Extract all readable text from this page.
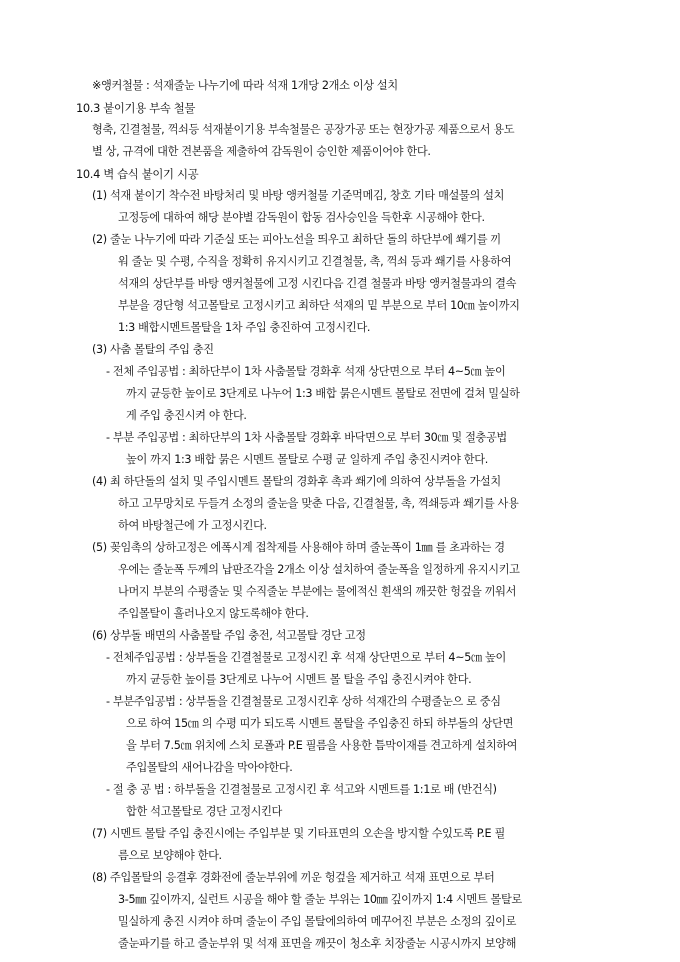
※앵커철물 : 석재줄눈 나누기에 따라 석재 1개당 2개소 이상 설치
10.3 붙이기용 부속 철물
형축, 긴결철물, 꺽쇠등 석재붙이기용 부속철물은 공장가공 또는 현장가공 제품으로서 용도
별 상, 규격에 대한 견본품을 제출하여 감독원이 승인한 제품이어야 한다.
10.4 벽 습식 붙이기 시공
(1) 석재 붙이기 착수전 바탕처리 및 바탕 앵커철물 기준먹메김, 창호 기타 매설물의 설치
고정등에 대하여 해당 분야별 감독원이 합동 검사승인을 득한후 시공해야 한다.
(2) 줄눈 나누기에 따라 기준실 또는 피아노선을 띄우고 최하단 돌의 하단부에 쐐기를 끼
워 줄눈 및 수평, 수직을 정확히 유지시키고 긴결철물, 촉, 꺽쇠 등과 쐐기를 사용하여
석재의 상단부를 바탕 앵커철물에 고정 시킨다음 긴결 철물과 바탕 앵커철물과의 결속
부분을 경단형 석고몰탈로 고정시키고 최하단 석재의 밑 부분으로 부터 10㎝ 높이까지
1:3 배합시멘트몰탈을 1차 주입 충진하여 고정시킨다.
(3) 사춤 몰탈의 주입 충진
- 전체 주입공법 : 최하단부이 1차 사춤몰탈 경화후 석재 상단면으로 부터 4~5㎝ 높이
까지 균등한 높이로 3단계로 나누어 1:3 배합 묽은시멘트 몰탈로 전면에 걸쳐 밀실하
게 주입 충진시켜 야 한다.
- 부분 주입공법 : 최하단부의 1차 사춤몰탈 경화후 바닥면으로 부터 30㎝ 및 절충공법
높이 까지 1:3 배합 묽은 시멘트 몰탈로 수평 균 일하게 주입 충진시켜야 한다.
(4) 최 하단돌의 설치 및 주입시멘트 몰탈의 경화후 촉과 쐐기에 의하여 상부돌을 가설치
하고 고무망치로 두들겨 소정의 줄눈을 맞춘 다음, 긴결철물, 촉, 꺽쇄등과 쐐기를 사용
하여 바탕철근에 가 고정시킨다.
(5) 꽂임촉의 상하고정은 에폭시계 접착제를 사용해야 하며 줄눈폭이 1㎜ 를 초과하는 경
우에는 줄눈폭 두께의 납판조각을 2개소 이상 설치하여 줄눈폭을 일정하게 유지시키고
나머지 부분의 수평줄눈 및 수직줄눈 부분에는 물에적신 흰색의 깨끗한 헝겊을 끼워서
주입몰탈이 흘러나오지 않도록해야 한다.
(6) 상부돌 배면의 사춤몰탈 주입 충전, 석고몰탈 경단 고정
- 전체주입공법 : 상부돌을 긴결철물로 고정시킨 후 석재 상단면으로 부터 4~5㎝ 높이
까지 균등한 높이를 3단계로 나누어 시멘트 몰 탈을 주입 충진시켜야 한다.
- 부분주입공법 : 상부돌을 긴결철물로 고정시킨후 상하 석재간의 수평줄눈으 로 중심
으로 하여 15㎝ 의 수평 띠가 되도록 시멘트 몰탈을 주입충진 하되 하부돌의 상단면
을 부터 7.5㎝ 위치에 스치 로폴과 P.E 필름을 사용한 틈막이재를 견고하게 설치하여
주입몰탈의 새어나감을 막아야한다.
- 절 충 공 법 : 하부돌을 긴결철물로 고정시킨 후 석고와 시멘트를 1:1로 배 (반건식)
합한 석고몰탈로 경단 고정시킨다
(7) 시멘트 몰탈 주입 충진시에는 주입부분 및 기타표면의 오손을 방지할 수있도록 P.E 필
름으로 보양해야 한다.
(8) 주입몰탈의 응결후 경화전에 줄눈부위에 끼운 헝겊을 제거하고 석재 표면으로 부터
3-5㎜ 깊이까지, 실런트 시공을 해야 할 줄눈 부위는 10㎜ 깊이까지 1:4 시멘트 몰탈로
밀실하게 충진 시켜야 하며 줄눈이 주입 몰탈에의하여 메꾸어진 부분은 소정의 깊이로
줄눈파기를 하고 줄눈부위 및 석재 표면을 깨끗이 청소후 치장줄눈 시공시까지 보양해
